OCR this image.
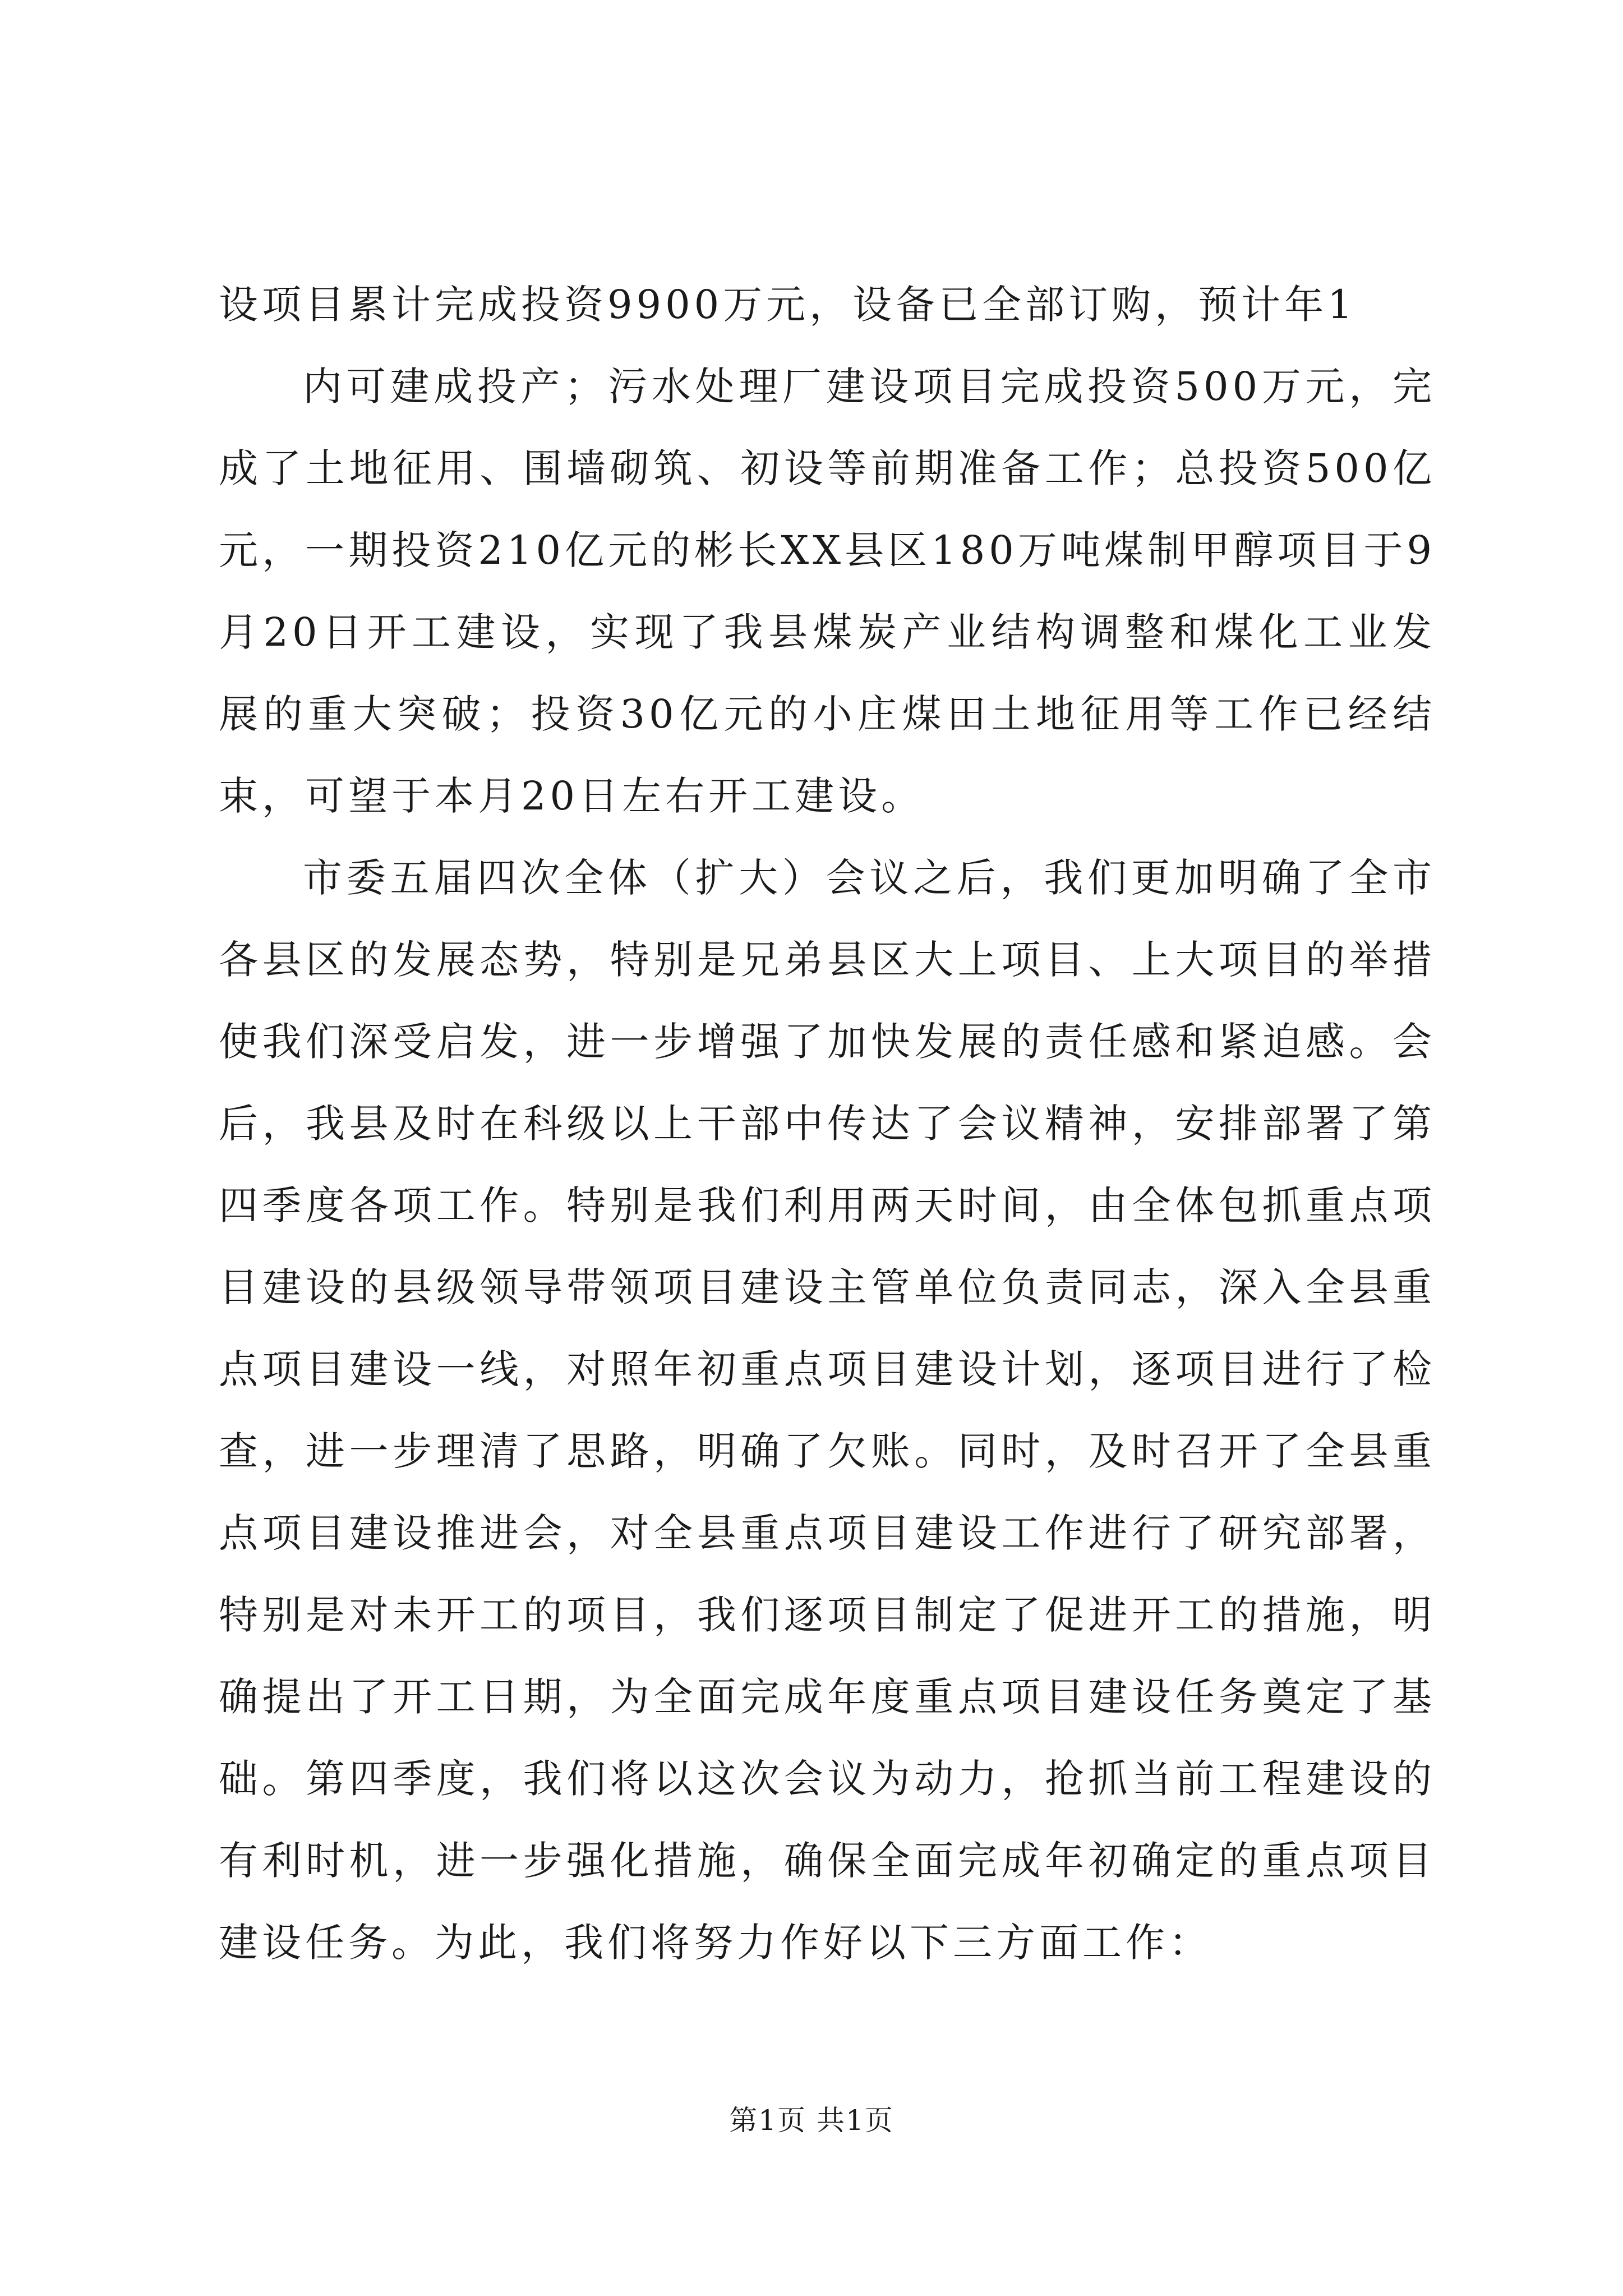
设项目累计完成投资9900万元，设备已全部订购，预计年1

内可建成投产；污水处理厂建设项目完成投资500万元，完成了土地征用、围墙砌筑、初设等前期准备工作；总投资500亿元，一期投资210亿元的彬长XX县区180万吨煤制甲醇项目于9月20日开工建设，实现了我县煤炭产业结构调整和煤化工业发展的重大突破；投资30亿元的小庄煤田土地征用等工作已经结束，可望于本月20日左右开工建设。

市委五届四次全体（扩大）会议之后，我们更加明确了全市各县区的发展态势，特别是兄弟县区大上项目、上大项目的举措使我们深受启发，进一步增强了加快发展的责任感和紧迫感。会后，我县及时在科级以上干部中传达了会议精神，安排部署了第四季度各项工作。特别是我们利用两天时间，由全体包抓重点项目建设的县级领导带领项目建设主管单位负责同志，深入全县重点项目建设一线，对照年初重点项目建设计划，逐项目进行了检查，进一步理清了思路，明确了欠账。同时，及时召开了全县重点项目建设推进会，对全县重点项目建设工作进行了研究部署，特别是对未开工的项目，我们逐项目制定了促进开工的措施，明确提出了开工日期，为全面完成年度重点项目建设任务奠定了基础。第四季度，我们将以这次会议为动力，抢抓当前工程建设的有利时机，进一步强化措施，确保全面完成年初确定的重点项目建设任务。为此，我们将努力作好以下三方面工作：

第1页 共1页
